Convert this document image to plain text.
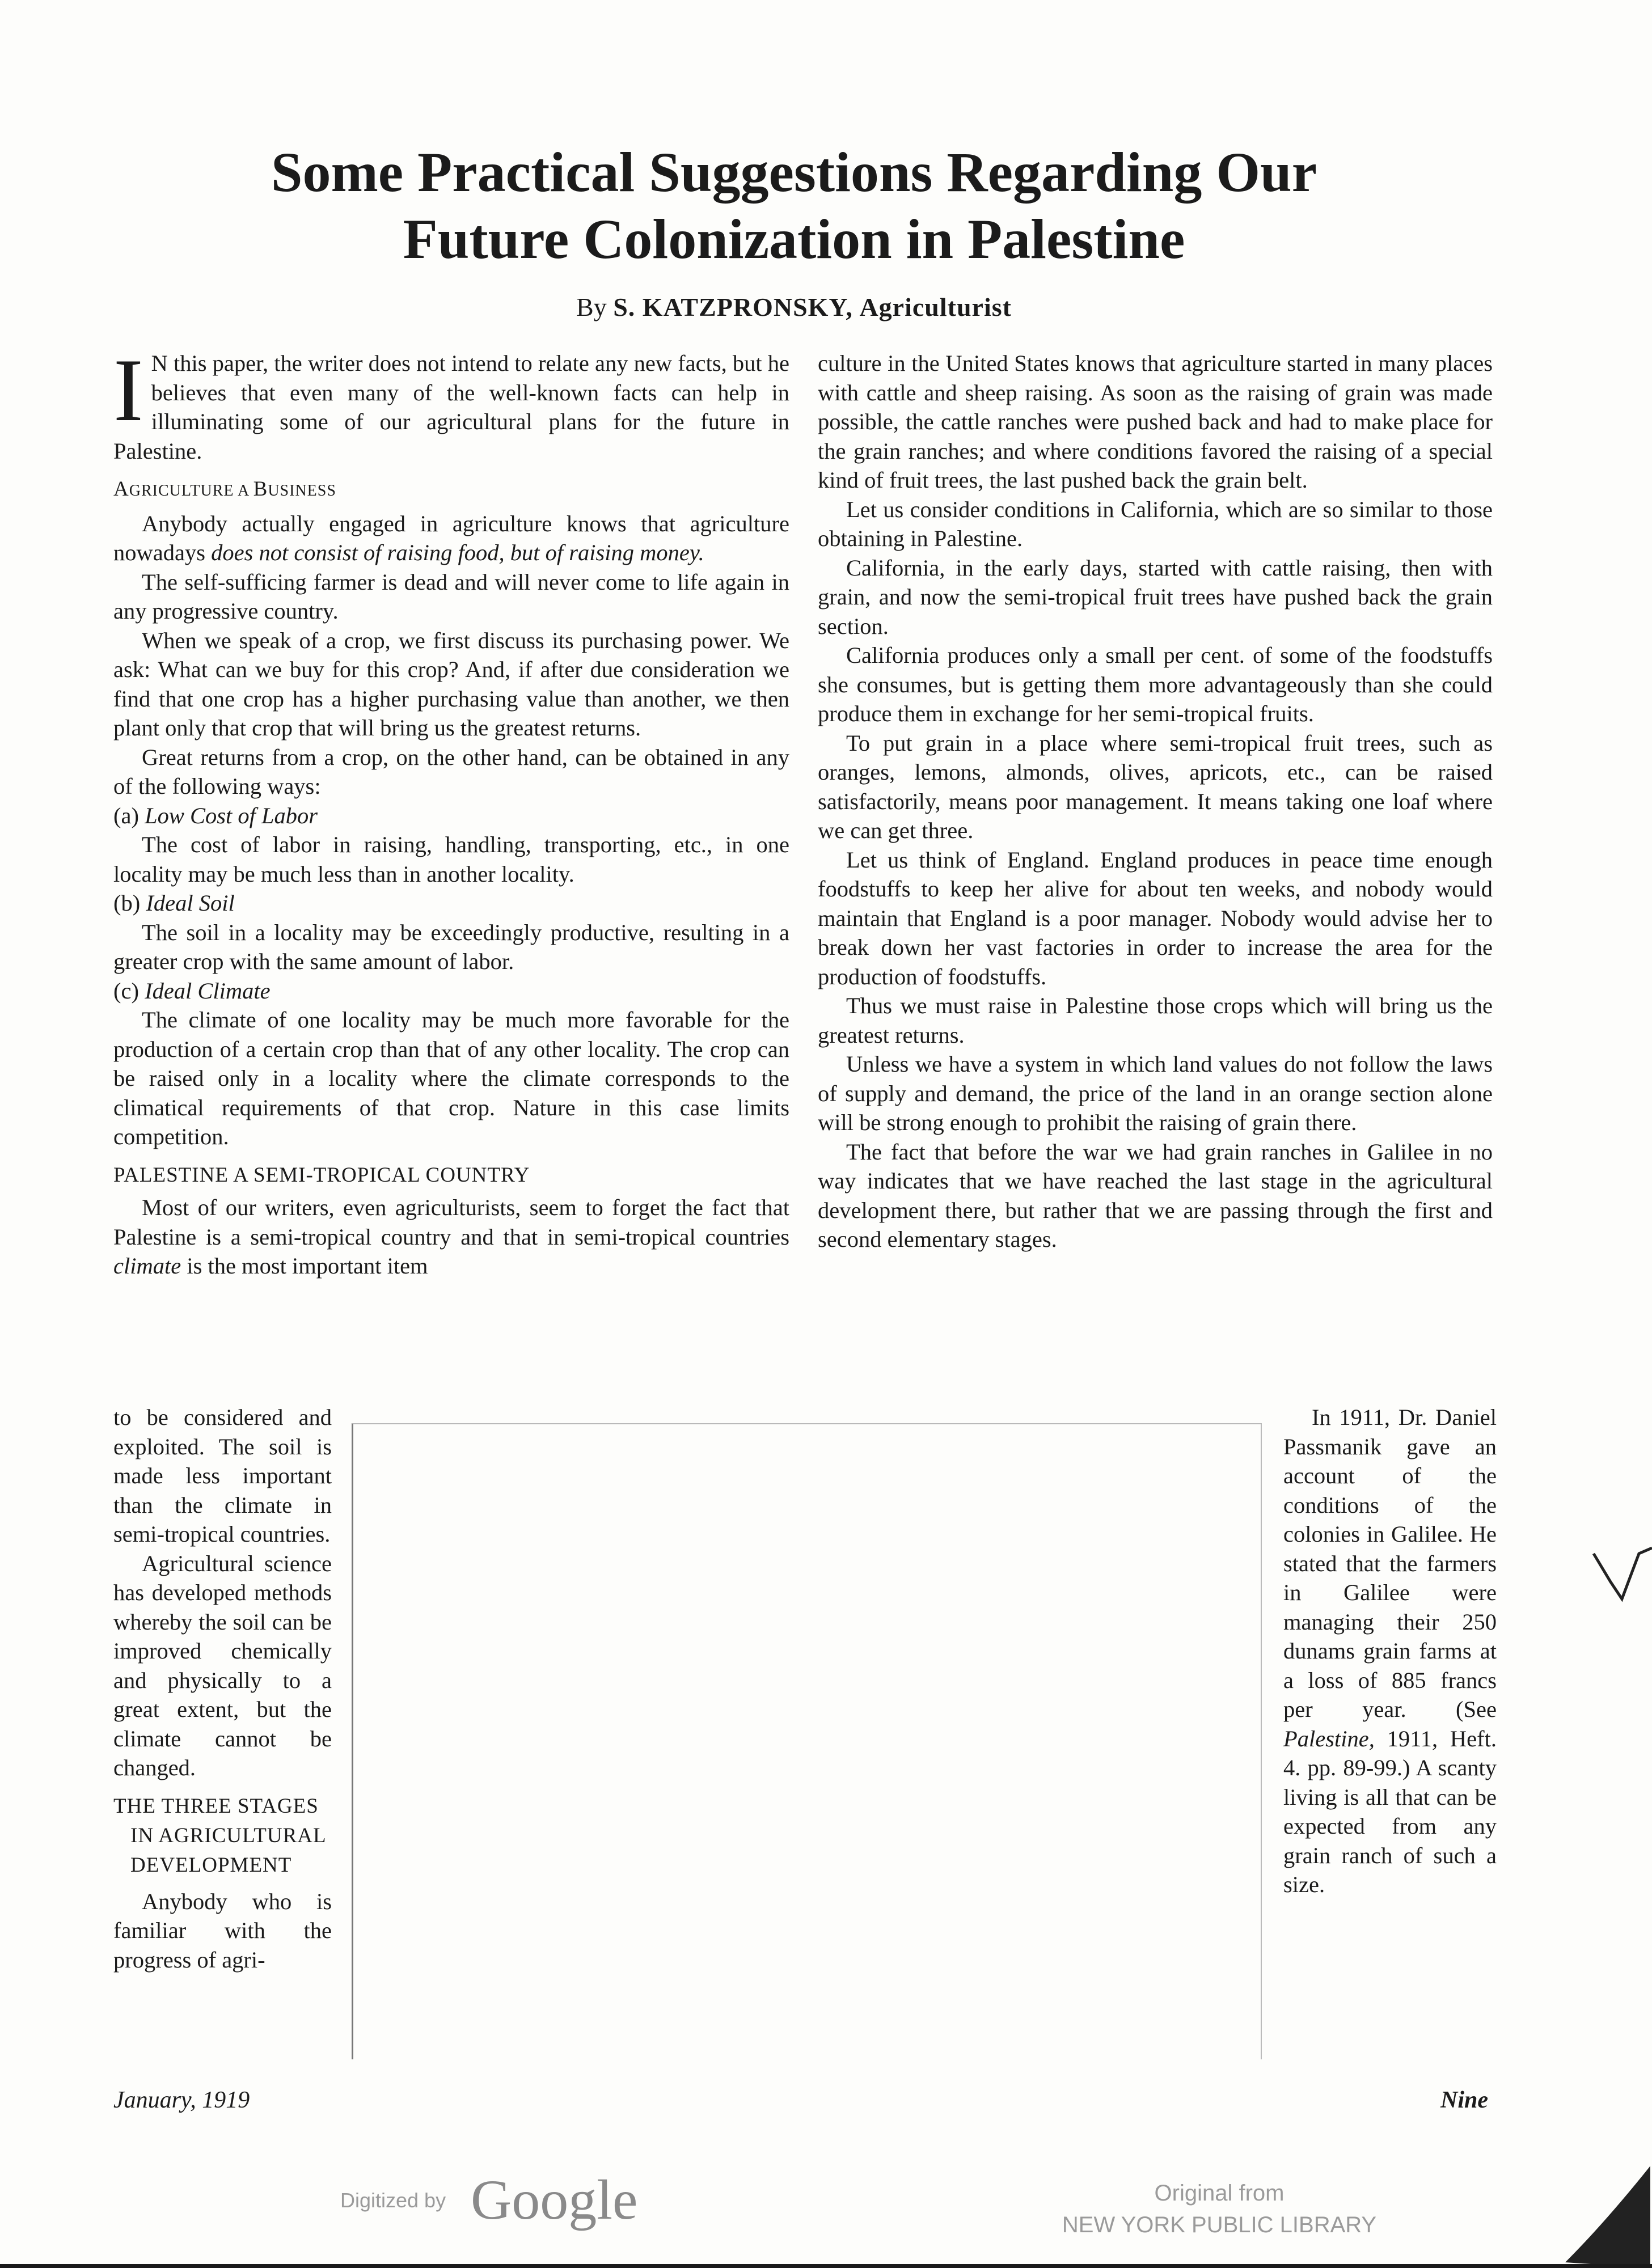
Some Practical Suggestions Regarding Our
Future Colonization in Palestine
By S. KATZPRONSKY, Agriculturist

I N this paper, the writer does not intend to relate any new facts, but he believes that even many of the well-known facts can help in illuminating some of our agricultural plans for the future in Palestine.

AGRICULTURE A BUSINESS

Anybody actually engaged in agriculture knows that agriculture nowadays does not consist of raising food, but of raising money.

The self-sufficing farmer is dead and will never come to life again in any progressive country.

When we speak of a crop, we first discuss its purchasing power. We ask: What can we buy for this crop? And, if after due consideration we find that one crop has a higher purchasing value than another, we then plant only that crop that will bring us the greatest returns.

Great returns from a crop, on the other hand, can be obtained in any of the following ways:

(a) Low Cost of Labor

The cost of labor in raising, handling, transporting, etc., in one locality may be much less than in another locality.

(b) Ideal Soil

The soil in a locality may be exceedingly productive, resulting in a greater crop with the same amount of labor.

(c) Ideal Climate

The climate of one locality may be much more favorable for the production of a certain crop than that of any other locality. The crop can be raised only in a locality where the climate corresponds to the climatical requirements of that crop. Nature in this case limits competition.

PALESTINE A SEMI-TROPICAL COUNTRY

Most of our writers, even agriculturists, seem to forget the fact that Palestine is a semi-tropical country and that in semi-tropical countries climate is the most important item

to be considered and exploited. The soil is made less important than the climate in semi-tropical countries.

Agricultural science has developed methods whereby the soil can be improved chemically and physically to a great extent, but the climate cannot be changed.

THE THREE STAGES
IN AGRICULTURAL
DEVELOPMENT

Anybody who is familiar with the progress of agri-

culture in the United States knows that agriculture started in many places with cattle and sheep raising. As soon as the raising of grain was made possible, the cattle ranches were pushed back and had to make place for the grain ranches; and where conditions favored the raising of a special kind of fruit trees, the last pushed back the grain belt.

Let us consider conditions in California, which are so similar to those obtaining in Palestine.

California, in the early days, started with cattle raising, then with grain, and now the semi-tropical fruit trees have pushed back the grain section.

California produces only a small per cent. of some of the foodstuffs she consumes, but is getting them more advantageously than she could produce them in exchange for her semi-tropical fruits.

To put grain in a place where semi-tropical fruit trees, such as oranges, lemons, almonds, olives, apricots, etc., can be raised satisfactorily, means poor management. It means taking one loaf where we can get three.

Let us think of England. England produces in peace time enough foodstuffs to keep her alive for about ten weeks, and nobody would maintain that England is a poor manager. Nobody would advise her to break down her vast factories in order to increase the area for the production of foodstuffs.

Thus we must raise in Palestine those crops which will bring us the greatest returns.

Unless we have a system in which land values do not follow the laws of supply and demand, the price of the land in an orange section alone will be strong enough to prohibit the raising of grain there.

The fact that before the war we had grain ranches in Galilee in no way indicates that we have reached the last stage in the agricultural development there, but rather that we are passing through the first and second elementary stages.

In 1911, Dr. Daniel Passmanik gave an account of the conditions of the colonies in Galilee. He stated that the farmers in Galilee were managing their 250 dunams grain farms at a loss of 885 francs per year. (See Palestine, 1911, Heft. 4. pp. 89-99.) A scanty living is all that can be expected from any grain ranch of such a size.

January, 1919	Nine
Digitized by Google	Original from
NEW YORK PUBLIC LIBRARY
